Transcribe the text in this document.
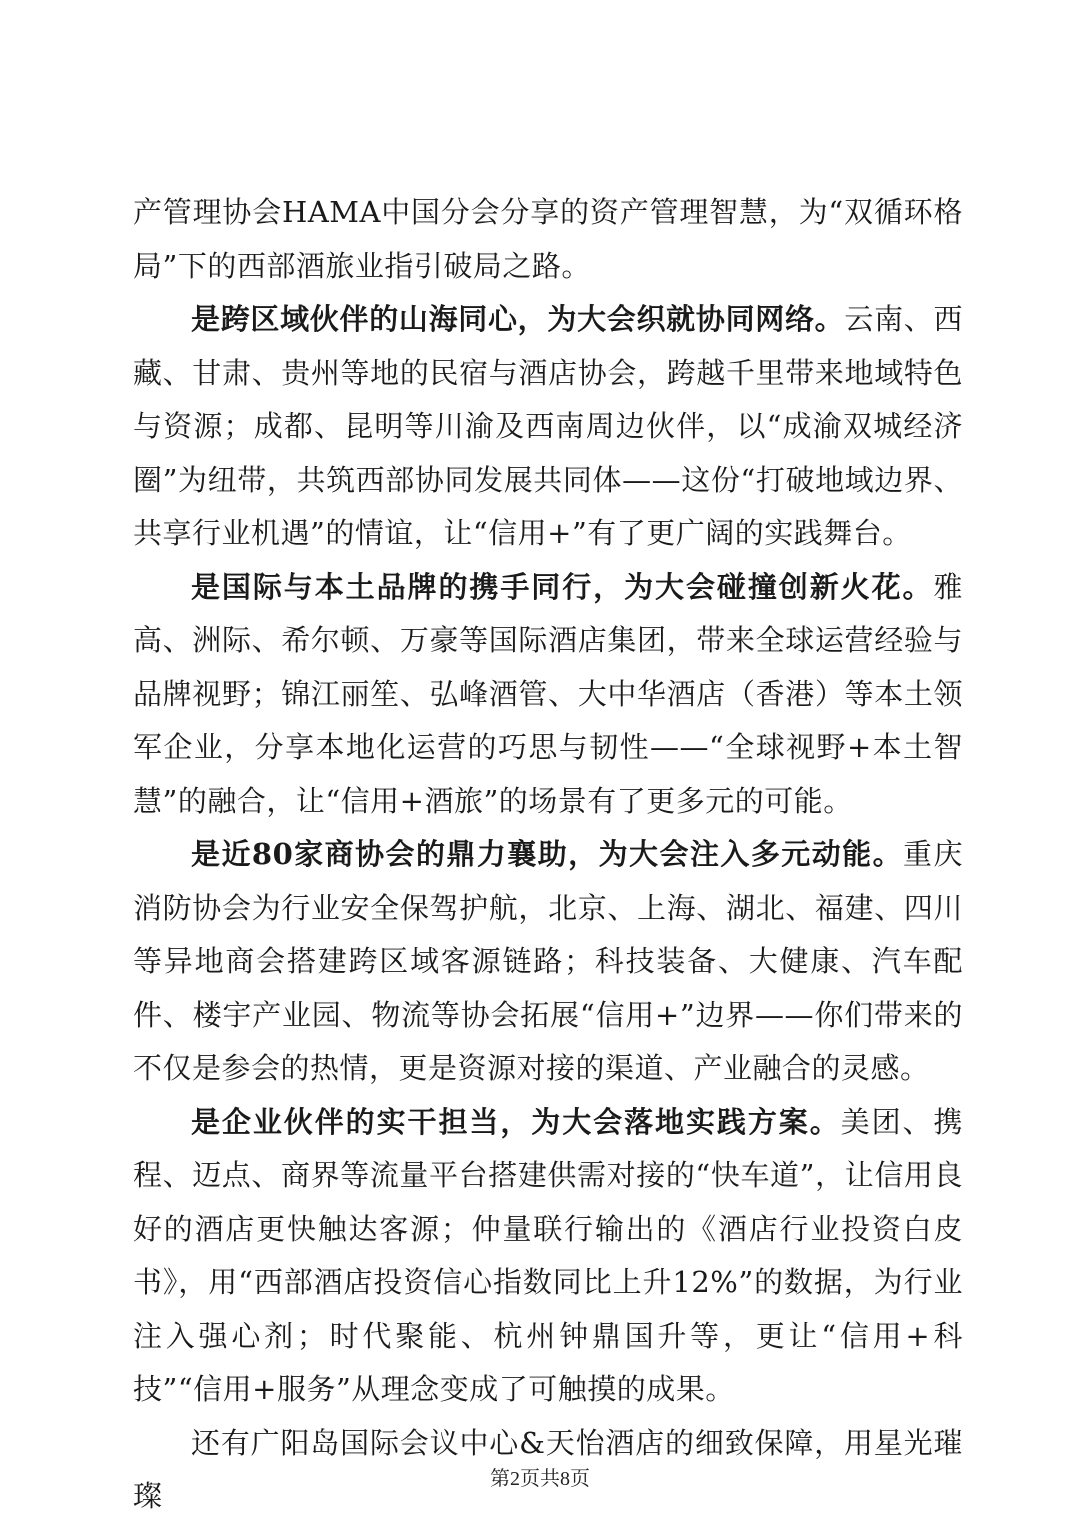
产管理协会HAMA中国分会分享的资产管理智慧，为“双循环格局”下的西部酒旅业指引破局之路。

是跨区域伙伴的山海同心，为大会织就协同网络。云南、西藏、甘肃、贵州等地的民宿与酒店协会，跨越千里带来地域特色与资源；成都、昆明等川渝及西南周边伙伴，以“成渝双城经济圈”为纽带，共筑西部协同发展共同体——这份“打破地域边界、共享行业机遇”的情谊，让“信用+”有了更广阔的实践舞台。

是国际与本土品牌的携手同行，为大会碰撞创新火花。雅高、洲际、希尔顿、万豪等国际酒店集团，带来全球运营经验与品牌视野；锦江丽笙、弘峰酒管、大中华酒店（香港）等本土领军企业，分享本地化运营的巧思与韧性——“全球视野+本土智慧”的融合，让“信用+酒旅”的场景有了更多元的可能。

是近80家商协会的鼎力襄助，为大会注入多元动能。重庆消防协会为行业安全保驾护航，北京、上海、湖北、福建、四川等异地商会搭建跨区域客源链路；科技装备、大健康、汽车配件、楼宇产业园、物流等协会拓展“信用+”边界——你们带来的不仅是参会的热情，更是资源对接的渠道、产业融合的灵感。

是企业伙伴的实干担当，为大会落地实践方案。美团、携程、迈点、商界等流量平台搭建供需对接的“快车道”，让信用良好的酒店更快触达客源；仲量联行输出的《酒店行业投资白皮书》，用“西部酒店投资信心指数同比上升12%”的数据，为行业注入强心剂；时代聚能、杭州钟鼎国升等，更让“信用+科技”“信用+服务”从理念变成了可触摸的成果。

还有广阳岛国际会议中心&天怡酒店的细致保障，用星光璀璨	第2页共8页
